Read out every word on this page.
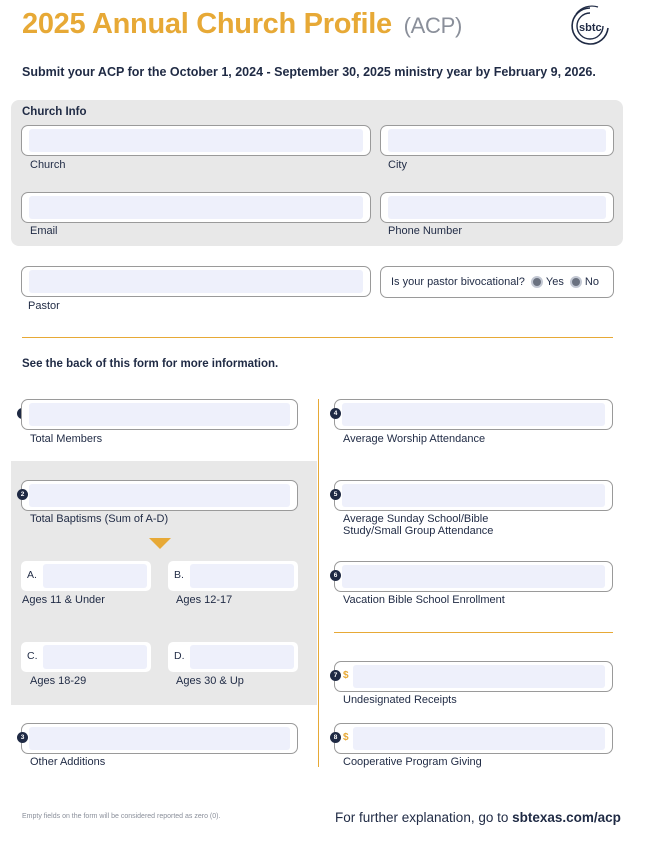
2025 Annual Church Profile (ACP)	sbtc
Submit your ACP for the October 1, 2024 - September 30, 2025 ministry year by February 9, 2026.
Church Info
Church	City
Email	Phone Number
Pastor
Is your pastor bivocational? Yes No
See the back of this form for more information.
Total Members
2
Total Baptisms (Sum of A-D)
A.
Ages 11 & Under
B.
Ages 12-17
C.
Ages 18-29
D.
Ages 30 & Up
3
Other Additions
4
Average Worship Attendance
5
Average Sunday School/Bible
Study/Small Group Attendance
6
Vacation Bible School Enrollment
$
7
Undesignated Receipts
$
8
Cooperative Program Giving
Empty fields on the form will be considered reported as zero (0).	For further explanation, go to sbtexas.com/acp
